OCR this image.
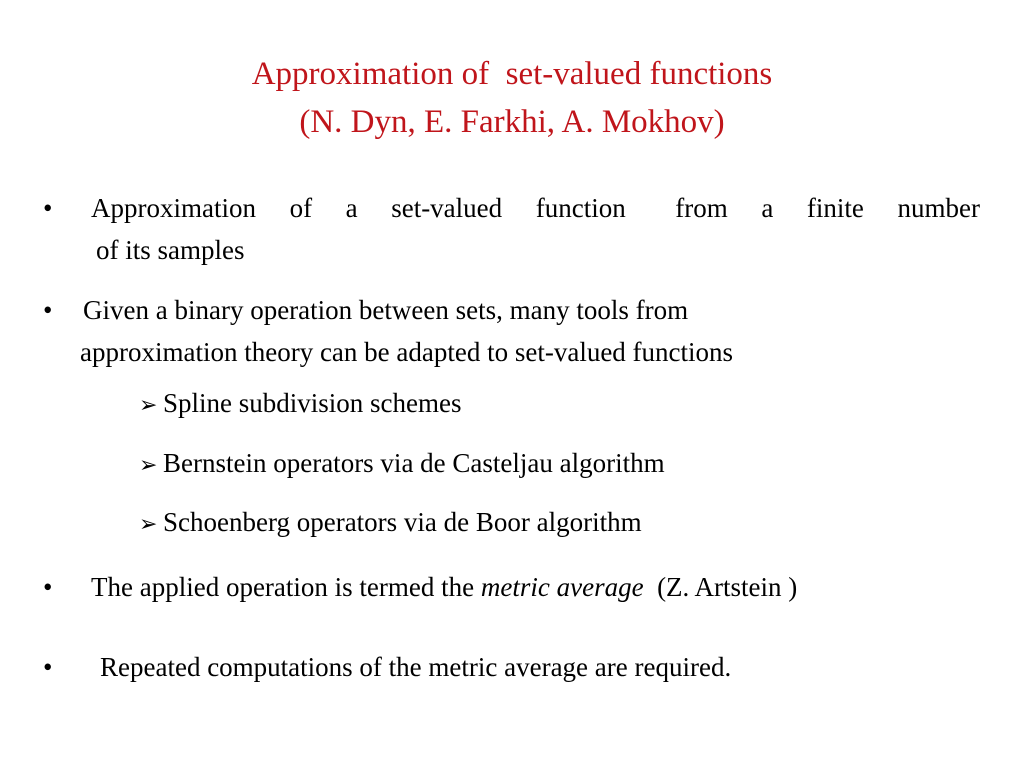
Approximation of  set-valued functions
(N. Dyn, E. Farkhi, A. Mokhov)
• Approximation of a set-valued function from a finite number
of its samples
• Given a binary operation between sets, many tools from
approximation theory can be adapted to set-valued functions
➢ Spline subdivision schemes
➢ Bernstein operators via de Casteljau algorithm
➢ Schoenberg operators via de Boor algorithm
• The applied operation is termed the metric average  (Z. Artstein )
• Repeated computations of the metric average are required.
